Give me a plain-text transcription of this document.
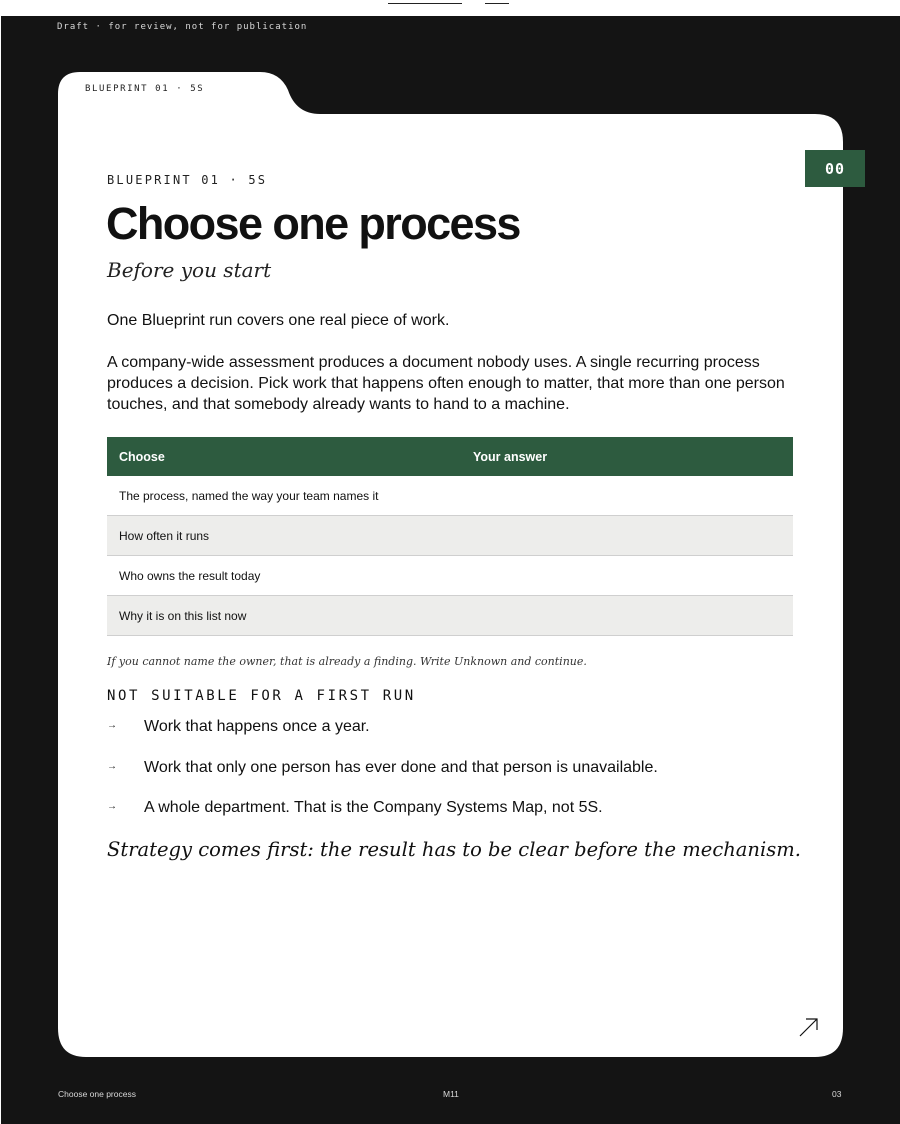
Draft · for review, not for publication
BLUEPRINT 01 · 5S
00
BLUEPRINT 01 · 5S
Choose one process
Before you start
One Blueprint run covers one real piece of work.
A company-wide assessment produces a document nobody uses. A single recurring process produces a decision. Pick work that happens often enough to matter, that more than one person touches, and that somebody already wants to hand to a machine.
Choose	Your answer
The process, named the way your team names it	
How often it runs	
Who owns the result today	
Why it is on this list now	
If you cannot name the owner, that is already a finding. Write Unknown and continue.
NOT SUITABLE FOR A FIRST RUN
→ Work that happens once a year.
→ Work that only one person has ever done and that person is unavailable.
→ A whole department. That is the Company Systems Map, not 5S.
Strategy comes first: the result has to be clear before the mechanism.
Choose one process	M11	03
